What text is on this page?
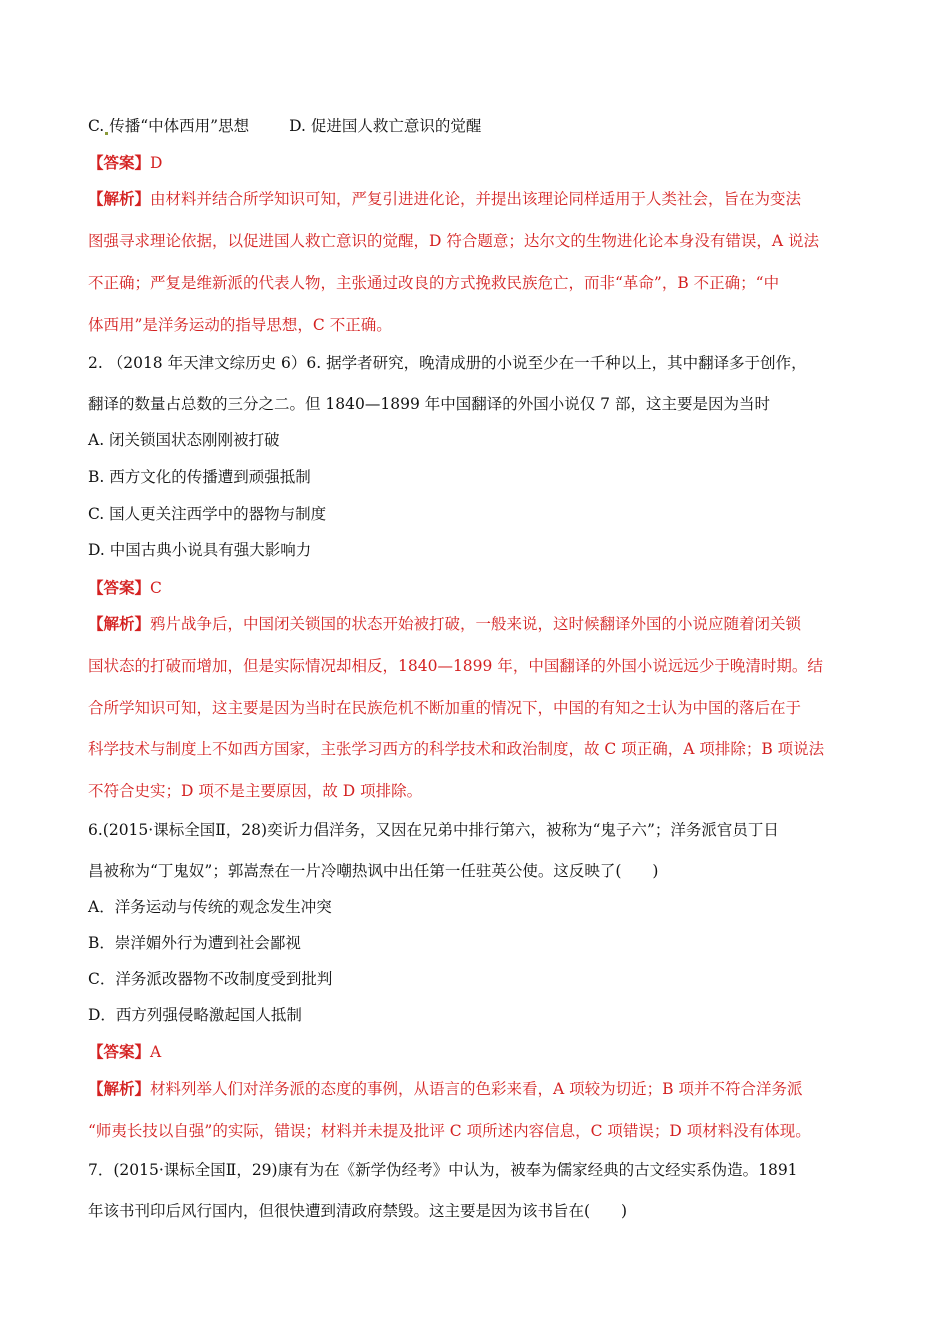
C. 传播“中体西用”思想	D. 促进国人救亡意识的觉醒
【答案】D
【解析】由材料并结合所学知识可知，严复引进进化论，并提出该理论同样适用于人类社会，旨在为变法
图强寻求理论依据，以促进国人救亡意识的觉醒，D 符合题意；达尔文的生物进化论本身没有错误，A 说法
不正确；严复是维新派的代表人物，主张通过改良的方式挽救民族危亡，而非“革命”，B 不正确；“中
体西用”是洋务运动的指导思想，C 不正确。
2. （2018 年天津文综历史 6）6. 据学者研究，晚清成册的小说至少在一千种以上，其中翻译多于创作，
翻译的数量占总数的三分之二。但 1840—1899 年中国翻译的外国小说仅 7 部，这主要是因为当时
A. 闭关锁国状态刚刚被打破
B. 西方文化的传播遭到顽强抵制
C. 国人更关注西学中的器物与制度
D. 中国古典小说具有强大影响力
【答案】C
【解析】鸦片战争后，中国闭关锁国的状态开始被打破，一般来说，这时候翻译外国的小说应随着闭关锁
国状态的打破而增加，但是实际情况却相反，1840—1899 年，中国翻译的外国小说远远少于晚清时期。结
合所学知识可知，这主要是因为当时在民族危机不断加重的情况下，中国的有知之士认为中国的落后在于
科学技术与制度上不如西方国家，主张学习西方的科学技术和政治制度，故 C 项正确，A 项排除；B 项说法
不符合史实；D 项不是主要原因，故 D 项排除。
6.(2015·课标全国Ⅱ，28)奕䜣力倡洋务，又因在兄弟中排行第六，被称为“鬼子六”；洋务派官员丁日
昌被称为“丁鬼奴”；郭嵩焘在一片冷嘲热讽中出任第一任驻英公使。这反映了(　　)
A．洋务运动与传统的观念发生冲突
B．崇洋媚外行为遭到社会鄙视
C．洋务派改器物不改制度受到批判
D．西方列强侵略激起国人抵制
【答案】A
【解析】材料列举人们对洋务派的态度的事例，从语言的色彩来看，A 项较为切近；B 项并不符合洋务派
“师夷长技以自强”的实际，错误；材料并未提及批评 C 项所述内容信息，C 项错误；D 项材料没有体现。
7．(2015·课标全国Ⅱ，29)康有为在《新学伪经考》中认为，被奉为儒家经典的古文经实系伪造。1891
年该书刊印后风行国内，但很快遭到清政府禁毁。这主要是因为该书旨在(　　)
